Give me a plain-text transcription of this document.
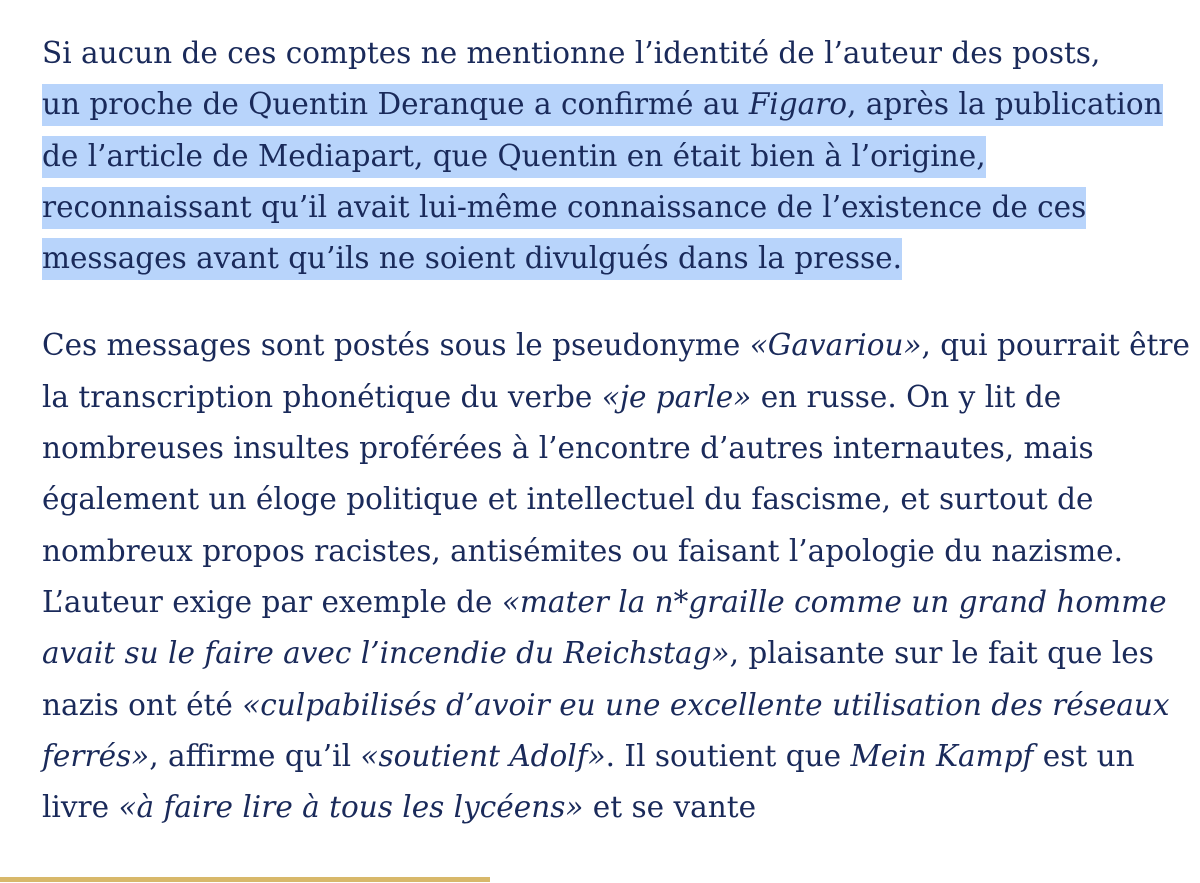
Si aucun de ces comptes ne mentionne l’identité de l’auteur des posts,
un proche de Quentin Deranque a confirmé au Figaro, après la publication de l’article de Mediapart, que Quentin en était bien à l’origine, reconnaissant qu’il avait lui-même connaissance de l’existence de ces messages avant qu’ils ne soient divulgués dans la presse.

Ces messages sont postés sous le pseudonyme «Gavariou», qui pourrait être la transcription phonétique du verbe «je parle» en russe. On y lit de nombreuses insultes proférées à l’encontre d’autres internautes, mais également un éloge politique et intellectuel du fascisme, et surtout de nombreux propos racistes, antisémites ou faisant l’apologie du nazisme. L’auteur exige par exemple de «mater la n*graille comme un grand homme avait su le faire avec l’incendie du Reichstag», plaisante sur le fait que les nazis ont été «culpabilisés d’avoir eu une excellente utilisation des réseaux ferrés», affirme qu’il «soutient Adolf». Il soutient que Mein Kampf est un livre «à faire lire à tous les lycéens» et se vante
